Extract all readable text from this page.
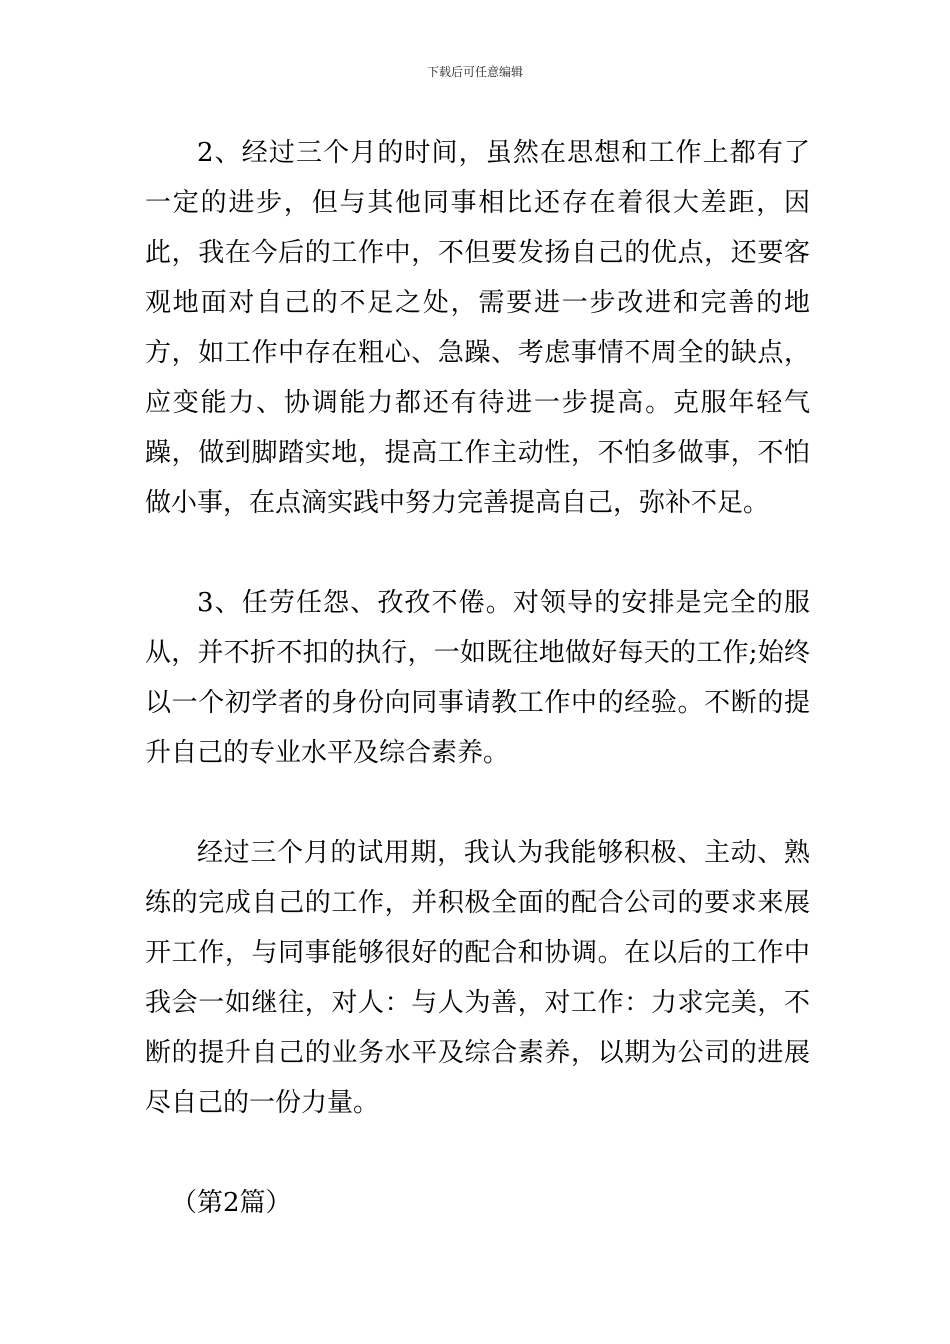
下载后可任意编辑

2、经过三个月的时间，虽然在思想和工作上都有了一定的进步，但与其他同事相比还存在着很大差距，因此，我在今后的工作中，不但要发扬自己的优点，还要客观地面对自己的不足之处，需要进一步改进和完善的地方，如工作中存在粗心、急躁、考虑事情不周全的缺点，应变能力、协调能力都还有待进一步提高。克服年轻气躁，做到脚踏实地，提高工作主动性，不怕多做事，不怕做小事，在点滴实践中努力完善提高自己，弥补不足。

3、任劳任怨、孜孜不倦。对领导的安排是完全的服从，并不折不扣的执行，一如既往地做好每天的工作;始终以一个初学者的身份向同事请教工作中的经验。不断的提升自己的专业水平及综合素养。

经过三个月的试用期，我认为我能够积极、主动、熟练的完成自己的工作，并积极全面的配合公司的要求来展开工作，与同事能够很好的配合和协调。在以后的工作中我会一如继往，对人：与人为善，对工作：力求完美，不断的提升自己的业务水平及综合素养，以期为公司的进展尽自己的一份力量。

（第2篇）
